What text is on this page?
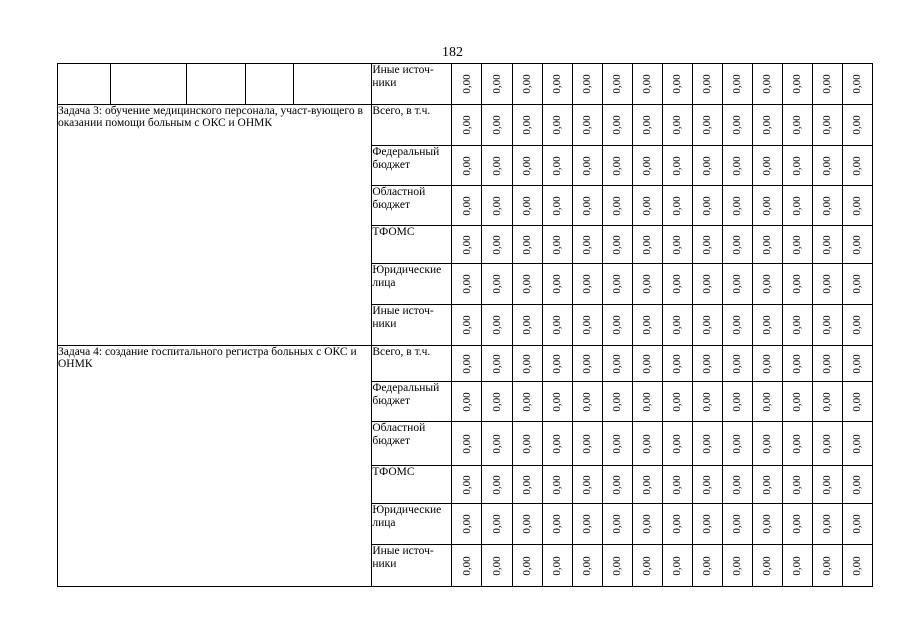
182
					Иные источ-ники	0,00	0,00	0,00	0,00	0,00	0,00	0,00	0,00	0,00	0,00	0,00	0,00	0,00	0,00

Задача 3: обучение медицинского персонала, участ-вующего в оказании помощи больным с ОКС и ОНМК					Всего, в т.ч.	0,00	0,00	0,00	0,00	0,00	0,00	0,00	0,00	0,00	0,00	0,00	0,00	0,00	0,00

					Федеральный бюджет	0,00	0,00	0,00	0,00	0,00	0,00	0,00	0,00	0,00	0,00	0,00	0,00	0,00	0,00

					Областной бюджет	0,00	0,00	0,00	0,00	0,00	0,00	0,00	0,00	0,00	0,00	0,00	0,00	0,00	0,00

					ТФОМС	0,00	0,00	0,00	0,00	0,00	0,00	0,00	0,00	0,00	0,00	0,00	0,00	0,00	0,00

					Юридические лица	0,00	0,00	0,00	0,00	0,00	0,00	0,00	0,00	0,00	0,00	0,00	0,00	0,00	0,00

					Иные источ-ники	0,00	0,00	0,00	0,00	0,00	0,00	0,00	0,00	0,00	0,00	0,00	0,00	0,00	0,00

Задача 4: создание госпитального регистра больных с ОКС и ОНМК					Всего, в т.ч.	0,00	0,00	0,00	0,00	0,00	0,00	0,00	0,00	0,00	0,00	0,00	0,00	0,00	0,00

					Федеральный бюджет	0,00	0,00	0,00	0,00	0,00	0,00	0,00	0,00	0,00	0,00	0,00	0,00	0,00	0,00

					Областной бюджет	0,00	0,00	0,00	0,00	0,00	0,00	0,00	0,00	0,00	0,00	0,00	0,00	0,00	0,00

					ТФОМС	0,00	0,00	0,00	0,00	0,00	0,00	0,00	0,00	0,00	0,00	0,00	0,00	0,00	0,00

					Юридические лица	0,00	0,00	0,00	0,00	0,00	0,00	0,00	0,00	0,00	0,00	0,00	0,00	0,00	0,00

					Иные источ-ники	0,00	0,00	0,00	0,00	0,00	0,00	0,00	0,00	0,00	0,00	0,00	0,00	0,00	0,00
